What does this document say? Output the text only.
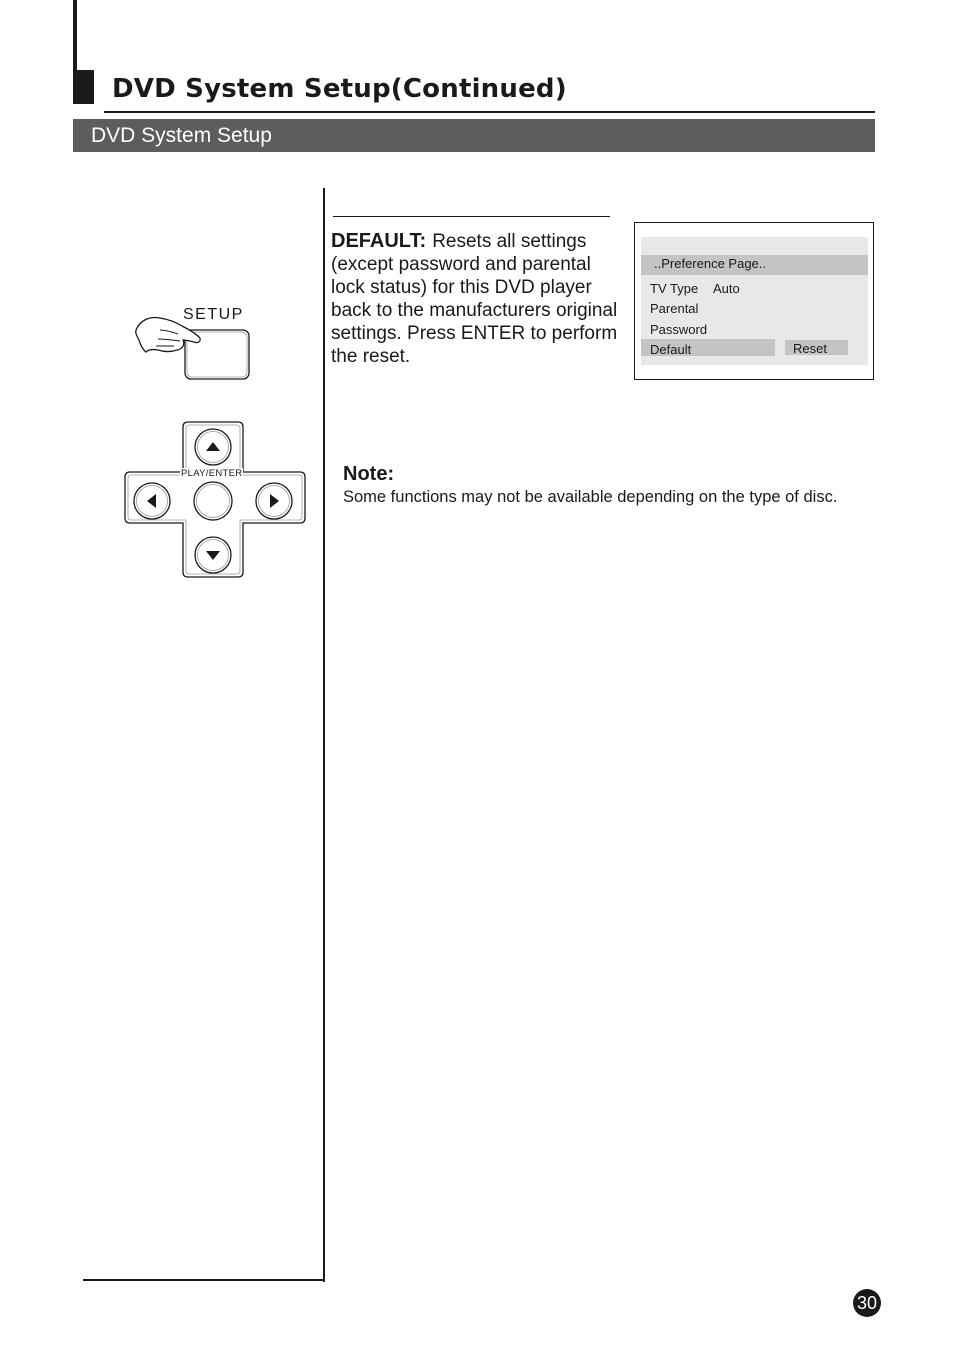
DVD System Setup(Continued)
DVD System Setup
SETUP
PLAY/ENTER

DEFAULT: Resets all settings (except password and parental lock status) for this DVD player back to the manufacturers original settings. Press ENTER to perform the reset.

..Preference Page..
TV Type Auto
Parental
Password
Default	Reset
Note:
Some functions may not be available depending on the type of disc.
30
